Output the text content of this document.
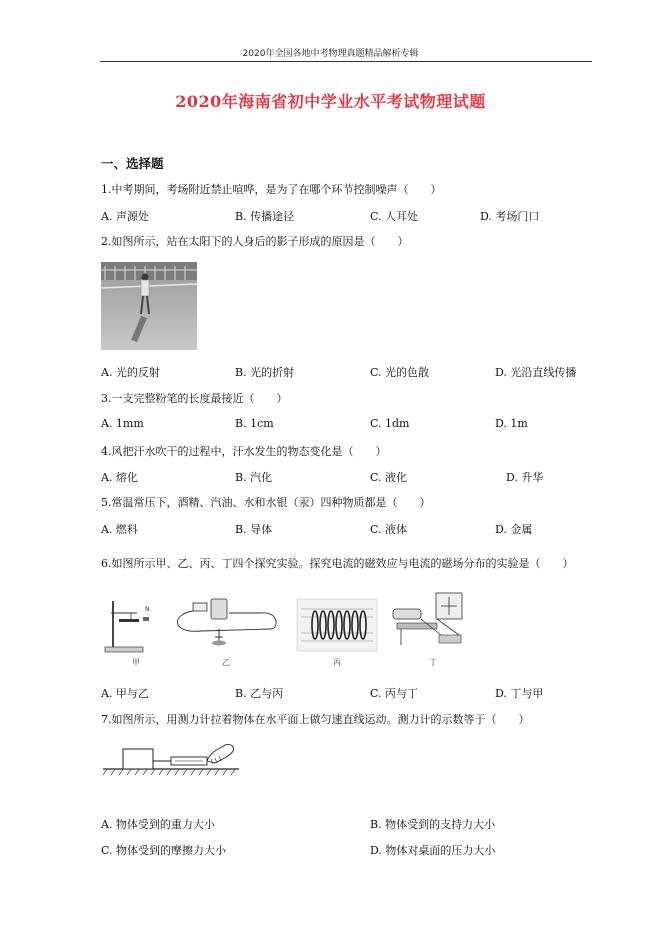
2020年全国各地中考物理真题精品解析专辑
2020年海南省初中学业水平考试物理试题
一、选择题
1.中考期间，考场附近禁止喧哗，是为了在哪个环节控制噪声（　　）
A. 声源处	B. 传播途径	C. 人耳处	D. 考场门口
2.如图所示，站在太阳下的人身后的影子形成的原因是（　　）
A. 光的反射	B. 光的折射	C. 光的色散	D. 光沿直线传播
3.一支完整粉笔的长度最接近（　　）
A. 1mm	B. 1cm	C. 1dm	D. 1m
4.风把汗水吹干的过程中，汗水发生的物态变化是（　　）
A. 熔化	B. 汽化	C. 液化	D. 升华
5.常温常压下，酒精、汽油、水和水银（汞）四种物质都是（　　）
A. 燃料	B. 导体	C. 液体	D. 金属
6.如图所示甲、乙、丙、丁四个探究实验。探究电流的磁效应与电流的磁场分布的实验是（　　）
N
甲	乙	丙	丁
A. 甲与乙	B. 乙与丙	C. 丙与丁	D. 丁与甲
7.如图所示，用测力计拉着物体在水平面上做匀速直线运动。测力计的示数等于（　　）
A. 物体受到的重力大小	B. 物体受到的支持力大小
C. 物体受到的摩擦力大小	D. 物体对桌面的压力大小
